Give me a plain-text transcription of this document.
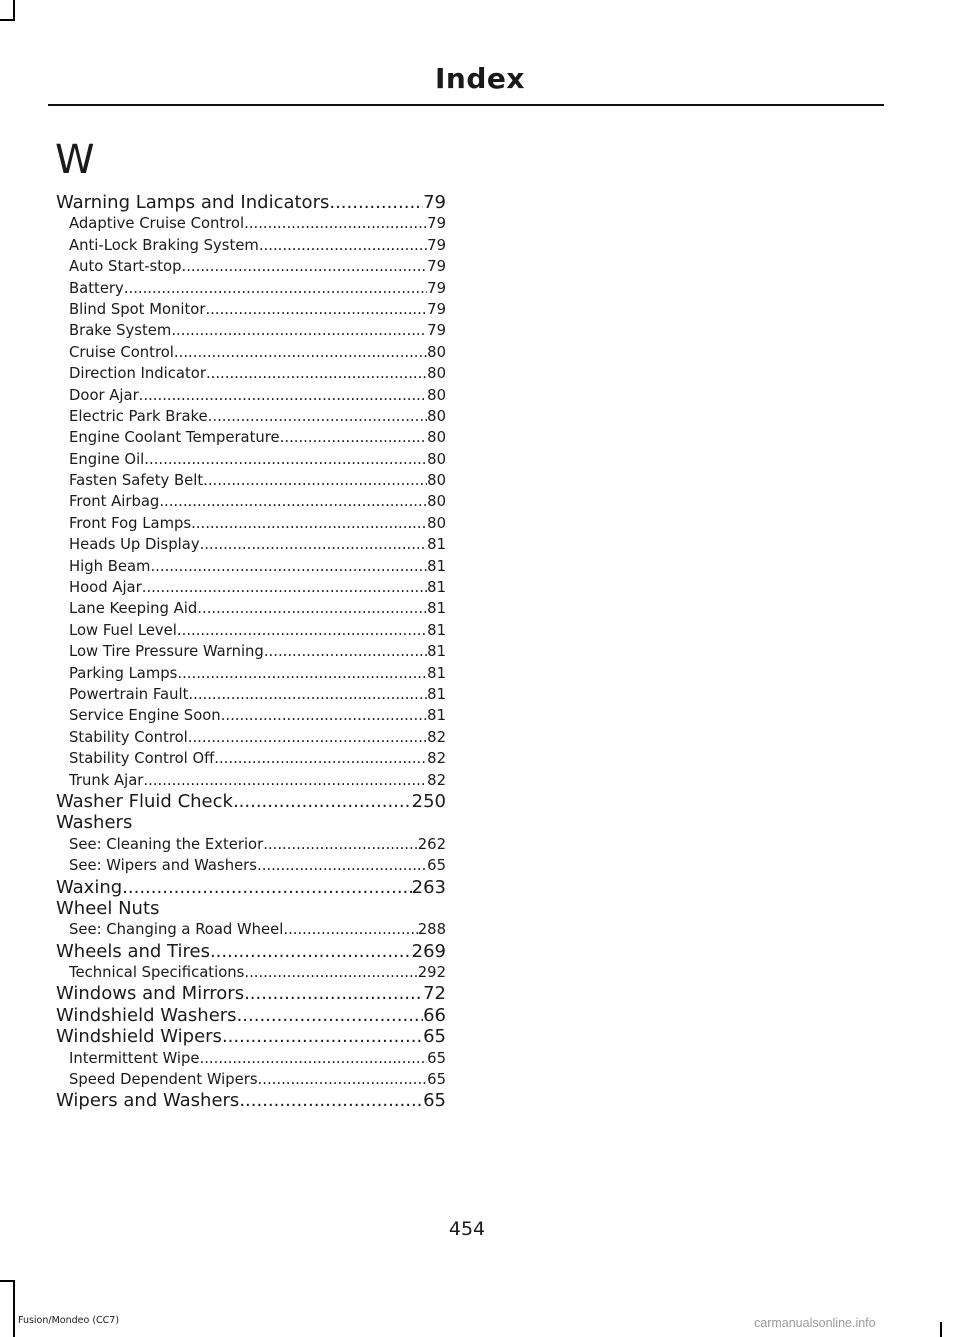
Index
W
Warning Lamps and Indicators .....	79
Adaptive Cruise Control .....	79
Anti-Lock Braking System .....	79
Auto Start-stop .....	79
Battery .....	79
Blind Spot Monitor .....	79
Brake System .....	79
Cruise Control .....	80
Direction Indicator .....	80
Door Ajar .....	80
Electric Park Brake .....	80
Engine Coolant Temperature .....	80
Engine Oil .....	80
Fasten Safety Belt .....	80
Front Airbag .....	80
Front Fog Lamps .....	80
Heads Up Display .....	81
High Beam .....	81
Hood Ajar .....	81
Lane Keeping Aid .....	81
Low Fuel Level .....	81
Low Tire Pressure Warning .....	81
Parking Lamps .....	81
Powertrain Fault .....	81
Service Engine Soon .....	81
Stability Control .....	82
Stability Control Off .....	82
Trunk Ajar .....	82
Washer Fluid Check .....	250
Washers
See: Cleaning the Exterior .....	262
See: Wipers and Washers .....	65
Waxing .....	263
Wheel Nuts
See: Changing a Road Wheel .....	288
Wheels and Tires .....	269
Technical Specifications .....	292
Windows and Mirrors .....	72
Windshield Washers .....	66
Windshield Wipers .....	65
Intermittent Wipe .....	65
Speed Dependent Wipers .....	65
Wipers and Washers .....	65
454
Fusion/Mondeo (CC7)	carmanualsonline.info
